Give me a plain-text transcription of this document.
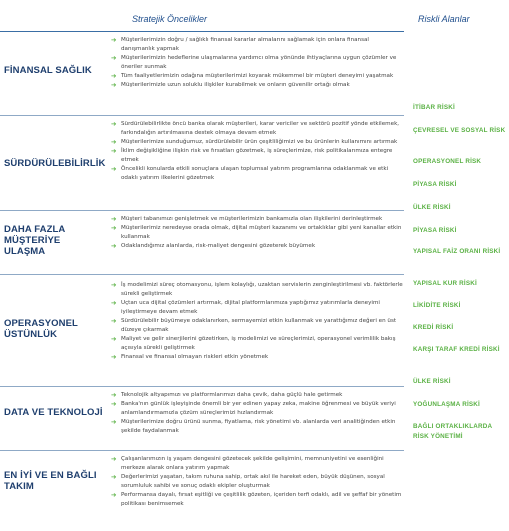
Stratejik Öncelikler	Riskli Alanlar
FİNANSAL SAĞLIK
➔ Müşterilerimizin doğru / sağlıklı finansal kararlar almalarını sağlamak için onlara finansal danışmanlık yapmak
➔ Müşterilerimizin hedeflerine ulaşmalarına yardımcı olma yönünde ihtiyaçlarına uygun çözümler ve öneriler sunmak
➔ Tüm faaliyetlerimizin odağına müşterilerimizi koyarak mükemmel bir müşteri deneyimi yaşatmak
➔ Müşterilerimizle uzun soluklu ilişkiler kurabilmek ve onların güvenilir ortağı olmak
SÜRDÜRÜLEBİLİRLİK
➔ Sürdürülebilirlikte öncü banka olarak müşterileri, karar vericiler ve sektörü pozitif yönde etkilemek, farkındalığın artırılmasına destek olmaya devam etmek
➔ Müşterilerimize sunduğumuz, sürdürülebilir ürün çeşitliliğimizi ve bu ürünlerin kullanımını artırmak
➔ İklim değişikliğine ilişkin risk ve fırsatları gözetmek, iş süreçlerimize, risk politikalarımıza entegre etmek
➔ Öncelikli konularda etkili sonuçlara ulaşan toplumsal yatırım programlarına odaklanmak ve etki odaklı yatırım ilkelerini gözetmek
DAHA FAZLA MÜŞTERİYE ULAŞMA
➔ Müşteri tabanımızı genişletmek ve müşterilerimizin bankamızla olan ilişkilerini derinleştirmek
➔ Müşterilerimiz neredeyse orada olmak, dijital müşteri kazanımı ve ortaklıklar gibi yeni kanallar etkin kullanmak
➔ Odaklandığımız alanlarda, risk-maliyet dengesini gözeterek büyümek
OPERASYONEL ÜSTÜNLÜK
➔ İş modelimizi süreç otomasyonu, işlem kolaylığı, uzaktan servislerin zenginleştirilmesi vb. faktörlerle sürekli geliştirmek
➔ Uçtan uca dijital çözümleri artırmak, dijital platformlarımıza yaptığımız yatırımlarla deneyimi iyileştirmeye devam etmek
➔ Sürdürülebilir büyümeye odaklanırken, sermayemizi etkin kullanmak ve yarattığımız değeri en üst düzeye çıkarmak
➔ Maliyet ve gelir sinerjilerini gözetirken, iş modelimizi ve süreçlerimizi, operasyonel verimlilik bakış açısıyla sürekli geliştirmek
➔ Finansal ve finansal olmayan riskleri etkin yönetmek
DATA VE TEKNOLOJİ
➔ Teknolojik altyapımızı ve platformlarımızı daha çevik, daha güçlü hale getirmek
➔ Banka'nın günlük işleyişinde önemli bir yer edinen yapay zeka, makine öğrenmesi ve büyük veriyi anlamlandırmamızla çözüm süreçlerimizi hızlandırmak
➔ Müşterilerimize doğru ürünü sunma, fiyatlama, risk yönetimi vb. alanlarda veri analitiğinden etkin şekilde faydalanmak
EN İYİ VE EN BAĞLI TAKIM
➔ Çalışanlarımızın iş yaşam dengesini gözetecek şekilde gelişimini, memnuniyetini ve esenliğini merkeze alarak onlara yatırım yapmak
➔ Değerlerimizi yaşatan, takım ruhuna sahip, ortak akıl ile hareket eden, büyük düşünen, sosyal sorumluluk sahibi ve sonuç odaklı ekipler oluşturmak
➔ Performansa dayalı, fırsat eşitliği ve çeşitlilik gözeten, içeriden terfi odaklı, adil ve şeffaf bir yönetim politikası benimsemek
İTİBAR RİSKİ
ÇEVRESEL VE SOSYAL RİSK
OPERASYONEL RİSK
PİYASA RİSKİ
ÜLKE RİSKİ
PİYASA RİSKİ
YAPISAL FAİZ ORANI RİSKİ
YAPISAL KUR RİSKİ
LİKİDİTE RİSKİ
KREDİ RİSKİ
KARŞI TARAF KREDİ RİSKİ
ÜLKE RİSKİ
YOĞUNLAŞMA RİSKİ
BAĞLI ORTAKLIKLARDA RİSK YÖNETİMİ
